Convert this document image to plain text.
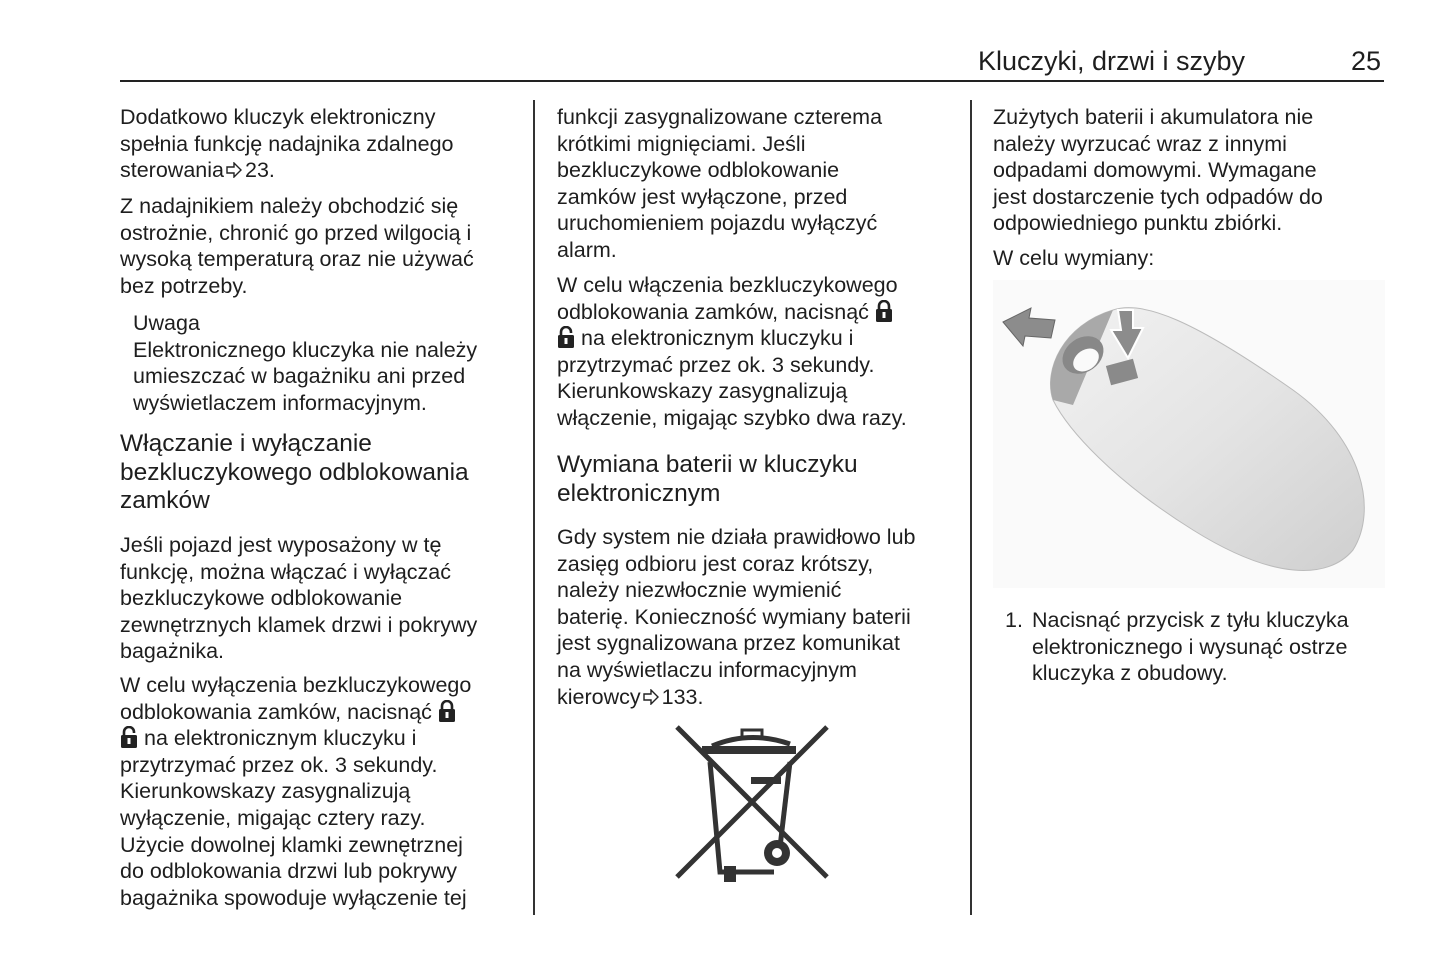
Kluczyki, drzwi i szyby	25
Dodatkowo kluczyk elektroniczny
spełnia funkcję nadajnika zdalnego
sterowania 23.
Z nadajnikiem należy obchodzić się
ostrożnie, chronić go przed wilgocią i
wysoką temperaturą oraz nie używać
bez potrzeby.
Uwaga
Elektronicznego kluczyka nie należy
umieszczać w bagażniku ani przed
wyświetlaczem informacyjnym.
Włączanie i wyłączanie
bezkluczykowego odblokowania
zamków
Jeśli pojazd jest wyposażony w tę
funkcję, można włączać i wyłączać
bezkluczykowe odblokowanie
zewnętrznych klamek drzwi i pokrywy
bagażnika.
W celu wyłączenia bezkluczykowego
odblokowania zamków, nacisnąć
na elektronicznym kluczyku i
przytrzymać przez ok. 3 sekundy.
Kierunkowskazy zasygnalizują
wyłączenie, migając cztery razy.
Użycie dowolnej klamki zewnętrznej
do odblokowania drzwi lub pokrywy
bagażnika spowoduje wyłączenie tej
funkcji zasygnalizowane czterema
krótkimi mignięciami. Jeśli
bezkluczykowe odblokowanie
zamków jest wyłączone, przed
uruchomieniem pojazdu wyłączyć
alarm.
W celu włączenia bezkluczykowego
odblokowania zamków, nacisnąć
na elektronicznym kluczyku i
przytrzymać przez ok. 3 sekundy.
Kierunkowskazy zasygnalizują
włączenie, migając szybko dwa razy.
Wymiana baterii w kluczyku
elektronicznym
Gdy system nie działa prawidłowo lub
zasięg odbioru jest coraz krótszy,
należy niezwłocznie wymienić
baterię. Konieczność wymiany baterii
jest sygnalizowana przez komunikat
na wyświetlaczu informacyjnym
kierowcy 133.
Zużytych baterii i akumulatora nie
należy wyrzucać wraz z innymi
odpadami domowymi. Wymagane
jest dostarczenie tych odpadów do
odpowiedniego punktu zbiórki.
W celu wymiany:
1. Nacisnąć przycisk z tyłu kluczyka
elektronicznego i wysunąć ostrze
kluczyka z obudowy.
